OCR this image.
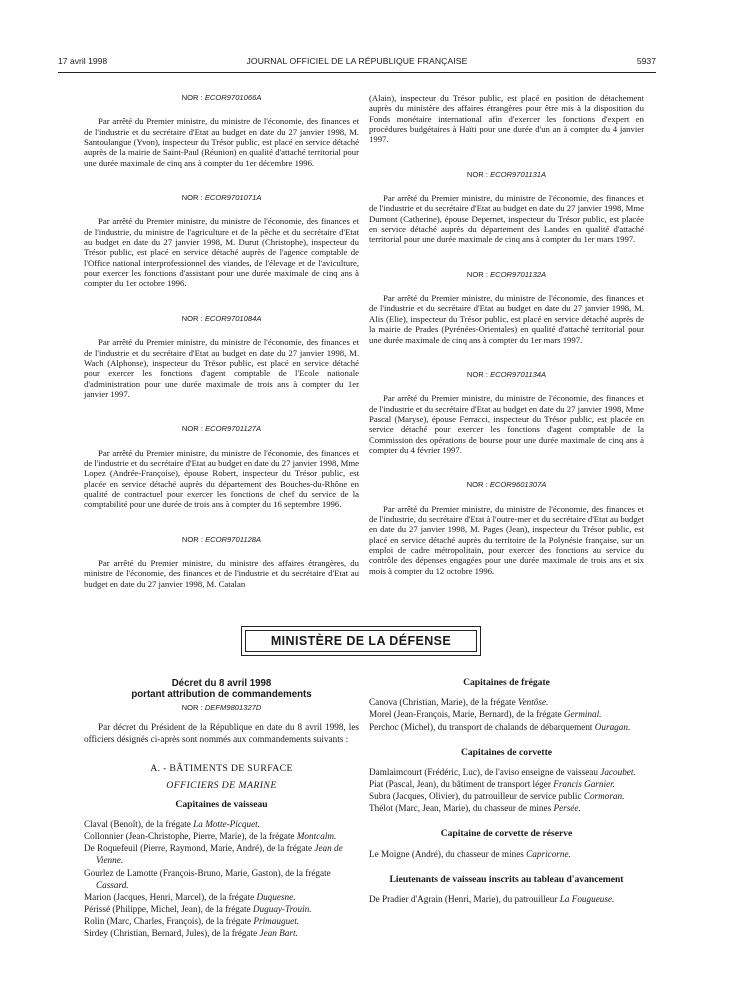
17 avril 1998	JOURNAL OFFICIEL DE LA RÉPUBLIQUE FRANÇAISE	5937
NOR : ECOR9701066A
Par arrêté du Premier ministre, du ministre de l'économie, des finances et de l'industrie et du secrétaire d'Etat au budget en date du 27 janvier 1998, M. Santoulangue (Yvon), inspecteur du Trésor public, est placé en service détaché auprès de la mairie de Saint-Paul (Réunion) en qualité d'attaché territorial pour une durée maximale de cinq ans à compter du 1er décembre 1996.
NOR : ECOR9701071A
Par arrêté du Premier ministre, du ministre de l'économie, des finances et de l'industrie, du ministre de l'agriculture et de la pêche et du secrétaire d'Etat au budget en date du 27 janvier 1998, M. Durut (Christophe), inspecteur du Trésor public, est placé en service détaché auprès de l'agence comptable de l'Office national interprofessionnel des viandes, de l'élevage et de l'aviculture, pour exercer les fonctions d'assistant pour une durée maximale de cinq ans à compter du 1er octobre 1996.
NOR : ECOR9701084A
Par arrêté du Premier ministre, du ministre de l'économie, des finances et de l'industrie et du secrétaire d'Etat au budget en date du 27 janvier 1998, M. Wach (Alphonse), inspecteur du Trésor public, est placé en service détaché pour exercer les fonctions d'agent comptable de l'Ecole nationale d'administration pour une durée maximale de trois ans à compter du 1er janvier 1997.
NOR : ECOR9701127A
Par arrêté du Premier ministre, du ministre de l'économie, des finances et de l'industrie et du secrétaire d'Etat au budget en date du 27 janvier 1998, Mme Lopez (Andrée-Françoise), épouse Robert, inspecteur du Trésor public, est placée en service détaché auprès du département des Bouches-du-Rhône en qualité de contractuel pour exercer les fonctions de chef du service de la comptabilité pour une durée de trois ans à compter du 16 septembre 1996.
NOR : ECOR9701128A
Par arrêté du Premier ministre, du ministre des affaires étrangères, du ministre de l'économie, des finances et de l'industrie et du secrétaire d'Etat au budget en date du 27 janvier 1998, M. Catalan
(Alain), inspecteur du Trésor public, est placé en position de détachement auprès du ministère des affaires étrangères pour être mis à la disposition du Fonds monétaire international afin d'exercer les fonctions d'expert en procédures budgétaires à Haïti pour une durée d'un an à compter du 4 janvier 1997.
NOR : ECOR9701131A
Par arrêté du Premier ministre, du ministre de l'économie, des finances et de l'industrie et du secrétaire d'Etat au budget en date du 27 janvier 1998, Mme Dumont (Catherine), épouse Depernet, inspecteur du Trésor public, est placée en service détaché auprès du département des Landes en qualité d'attaché territorial pour une durée maximale de cinq ans à compter du 1er mars 1997.
NOR : ECOR9701132A
Par arrêté du Premier ministre, du ministre de l'économie, des finances et de l'industrie et du secrétaire d'Etat au budget en date du 27 janvier 1998, M. Alis (Elie), inspecteur du Trésor public, est placé en service détaché auprès de la mairie de Prades (Pyrénées-Orientales) en qualité d'attaché territorial pour une durée maximale de cinq ans à compter du 1er mars 1997.
NOR : ECOR9701134A
Par arrêté du Premier ministre, du ministre de l'économie, des finances et de l'industrie et du secrétaire d'Etat au budget en date du 27 janvier 1998, Mme Pascal (Maryse), épouse Ferracci, inspecteur du Trésor public, est placée en service détaché pour exercer les fonctions d'agent comptable de la Commission des opérations de bourse pour une durée maximale de cinq ans à compter du 4 février 1997.
NOR : ECOR9601307A
Par arrêté du Premier ministre, du ministre de l'économie, des finances et de l'industrie, du secrétaire d'Etat à l'outre-mer et du secrétaire d'Etat au budget en date du 27 janvier 1998, M. Pages (Jean), inspecteur du Trésor public, est placé en service détaché auprès du territoire de la Polynésie française, sur un emploi de cadre métropolitain, pour exercer des fonctions au service du contrôle des dépenses engagées pour une durée maximale de trois ans et six mois à compter du 12 octobre 1996.
MINISTÈRE DE LA DÉFENSE
Décret du 8 avril 1998
portant attribution de commandements
NOR : DEFM9801327D
Par décret du Président de la République en date du 8 avril 1998, les officiers désignés ci-après sont nommés aux commandements suivants :
A. - BÂTIMENTS DE SURFACE
OFFICIERS DE MARINE
Capitaines de vaisseau
Claval (Benoît), de la frégate La Motte-Picquet.
Collonnier (Jean-Christophe, Pierre, Marie), de la frégate Montcalm.
De Roquefeuil (Pierre, Raymond, Marie, André), de la frégate Jean de Vienne.
Gourlez de Lamotte (François-Bruno, Marie, Gaston), de la frégate Cassard.
Marion (Jacques, Henri, Marcel), de la frégate Duquesne.
Périssé (Philippe, Michel, Jean), de la frégate Duguay-Trouin.
Rolin (Marc, Charles, François), de la frégate Primauguet.
Sirdey (Christian, Bernard, Jules), de la frégate Jean Bart.
Capitaines de frégate
Canova (Christian, Marie), de la frégate Ventôse.
Morel (Jean-François, Marie, Bernard), de la frégate Germinal.
Perchoc (Michel), du transport de chalands de débarquement Ouragan.
Capitaines de corvette
Damlaimcourt (Frédéric, Luc), de l'aviso enseigne de vaisseau Jacoubet.
Piat (Pascal, Jean), du bâtiment de transport léger Francis Garnier.
Subra (Jacques, Olivier), du patrouilleur de service public Cormoran.
Thélot (Marc, Jean, Marie), du chasseur de mines Persée.
Capitaine de corvette de réserve
Le Moigne (André), du chasseur de mines Capricorne.
Lieutenants de vaisseau inscrits au tableau d'avancement
De Pradier d'Agrain (Henri, Marie), du patrouilleur La Fougueuse.
